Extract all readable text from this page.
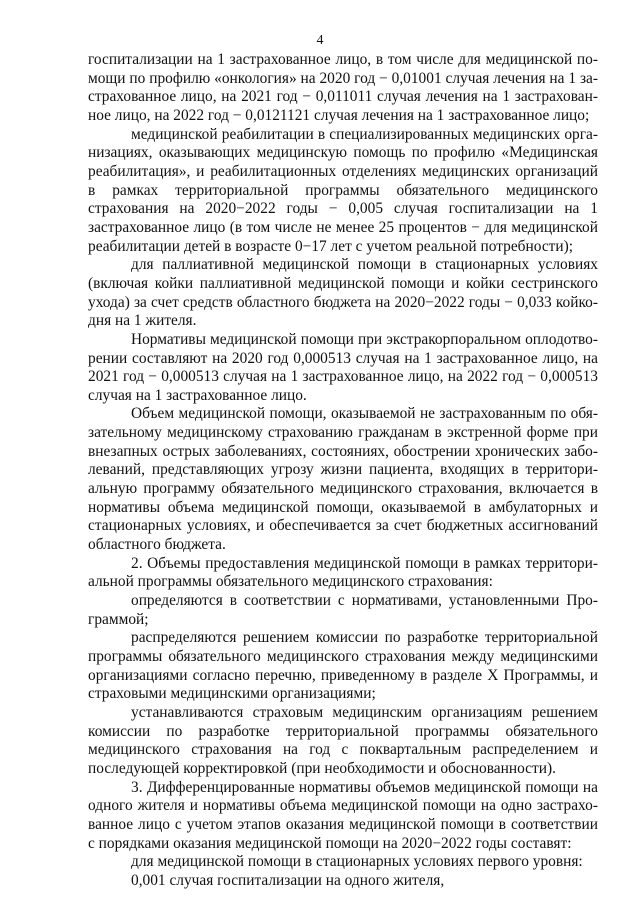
4

госпитализации на 1 застрахованное лицо, в том числе для медицинской помощи по профилю «онкология» на 2020 год − 0,01001 случая лечения на 1 застрахованное лицо, на 2021 год − 0,011011 случая лечения на 1 застрахованное лицо, на 2022 год − 0,0121121 случая лечения на 1 застрахованное лицо;

медицинской реабилитации в специализированных медицинских организациях, оказывающих медицинскую помощь по профилю «Медицинская реабилитация», и реабилитационных отделениях медицинских организаций в рамках территориальной программы обязательного медицинского страхования на 2020−2022 годы − 0,005 случая госпитализации на 1 застрахованное лицо (в том числе не менее 25 процентов − для медицинской реабилитации детей в возрасте 0−17 лет с учетом реальной потребности);

для паллиативной медицинской помощи в стационарных условиях (включая койки паллиативной медицинской помощи и койки сестринского ухода) за счет средств областного бюджета на 2020−2022 годы − 0,033 койкодня на 1 жителя.

Нормативы медицинской помощи при экстракорпоральном оплодотворении составляют на 2020 год 0,000513 случая на 1 застрахованное лицо, на 2021 год − 0,000513 случая на 1 застрахованное лицо, на 2022 год − 0,000513 случая на 1 застрахованное лицо.

Объем медицинской помощи, оказываемой не застрахованным по обязательному медицинскому страхованию гражданам в экстренной форме при внезапных острых заболеваниях, состояниях, обострении хронических заболеваний, представляющих угрозу жизни пациента, входящих в территориальную программу обязательного медицинского страхования, включается в нормативы объема медицинской помощи, оказываемой в амбулаторных и стационарных условиях, и обеспечивается за счет бюджетных ассигнований областного бюджета.

2. Объемы предоставления медицинской помощи в рамках территориальной программы обязательного медицинского страхования:

определяются в соответствии с нормативами, установленными Программой;

распределяются решением комиссии по разработке территориальной программы обязательного медицинского страхования между медицинскими организациями согласно перечню, приведенному в разделе X Программы, и страховыми медицинскими организациями;

устанавливаются страховым медицинским организациям решением комиссии по разработке территориальной программы обязательного медицинского страхования на год с поквартальным распределением и последующей корректировкой (при необходимости и обоснованности).

3. Дифференцированные нормативы объемов медицинской помощи на одного жителя и нормативы объема медицинской помощи на одно застрахованное лицо с учетом этапов оказания медицинской помощи в соответствии с порядками оказания медицинской помощи на 2020−2022 годы составят:

для медицинской помощи в стационарных условиях первого уровня:

0,001 случая госпитализации на одного жителя,
